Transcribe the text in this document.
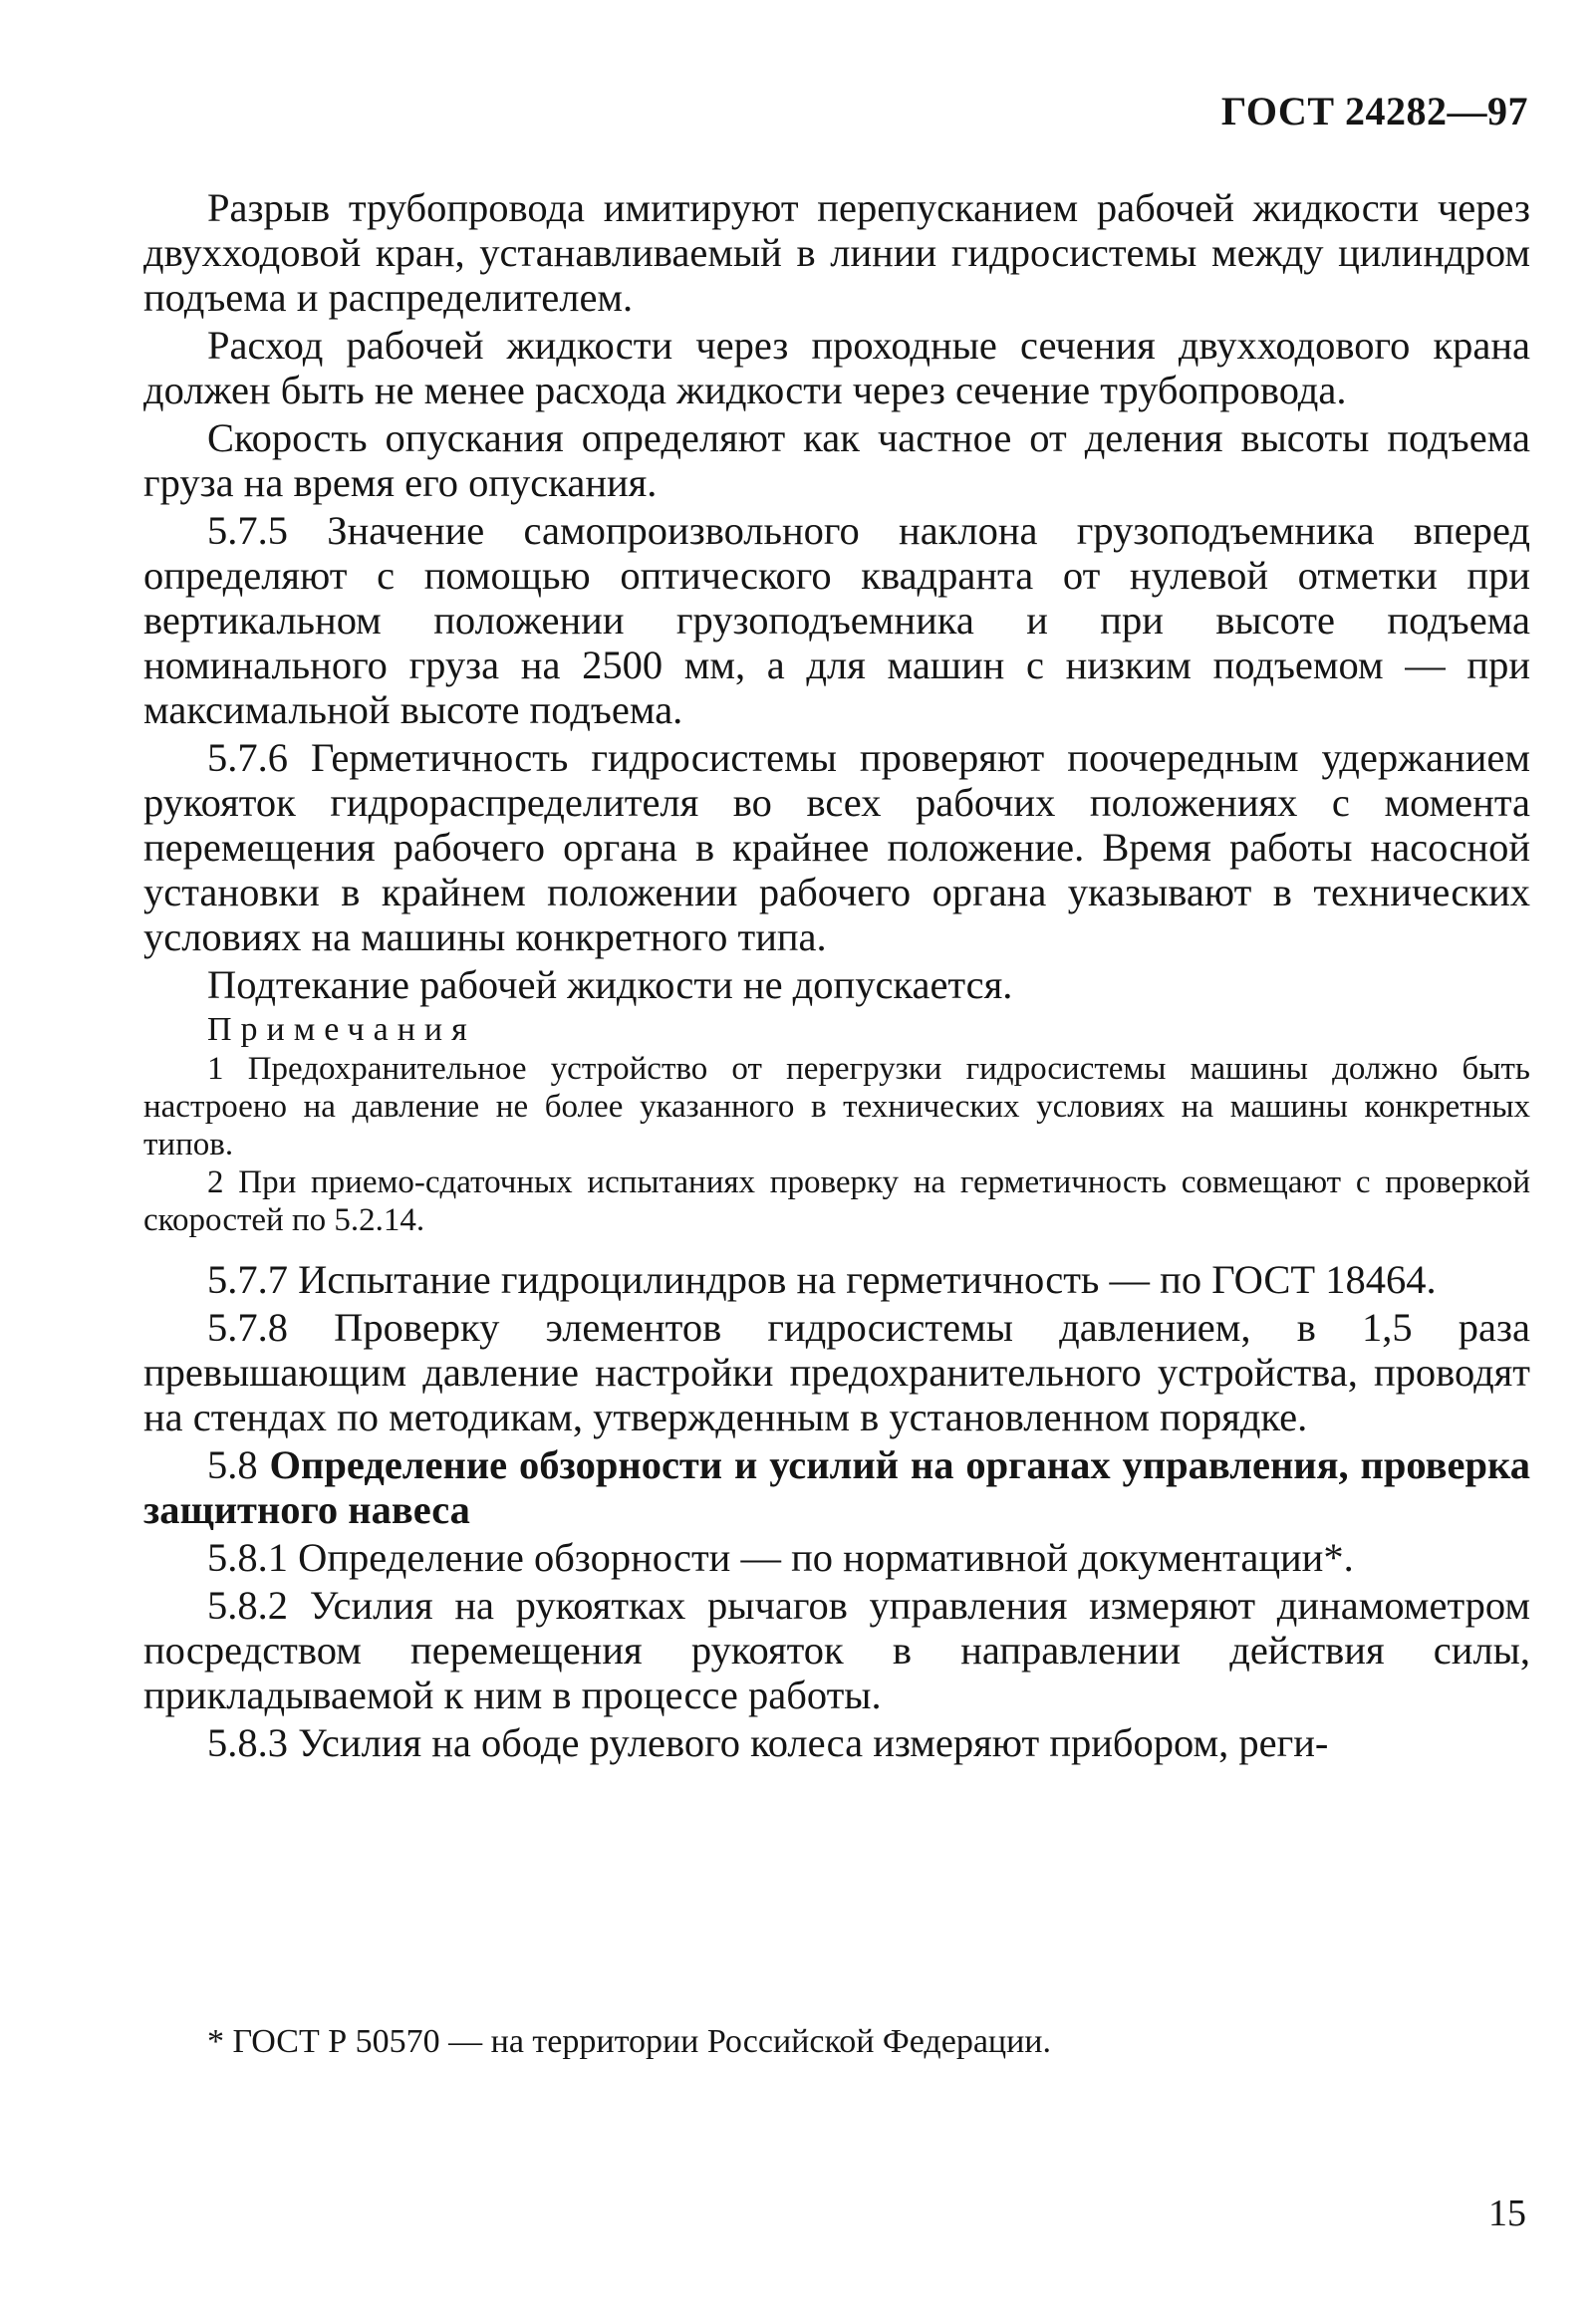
ГОСТ 24282—97

Разрыв трубопровода имитируют перепусканием рабочей жидкости через двухходовой кран, устанавливаемый в линии гидросистемы между цилиндром подъема и распределителем.

Расход рабочей жидкости через проходные сечения двухходового крана должен быть не менее расхода жидкости через сечение трубопровода.

Скорость опускания определяют как частное от деления высоты подъема груза на время его опускания.

5.7.5 Значение самопроизвольного наклона грузоподъемника вперед определяют с помощью оптического квадранта от нулевой отметки при вертикальном положении грузоподъемника и при высоте подъема номинального груза на 2500 мм, а для машин с низким подъемом — при максимальной высоте подъема.

5.7.6 Герметичность гидросистемы проверяют поочередным удержанием рукояток гидрораспределителя во всех рабочих положениях с момента перемещения рабочего органа в крайнее положение. Время работы насосной установки в крайнем положении рабочего органа указывают в технических условиях на машины конкретного типа.

Подтекание рабочей жидкости не допускается.

Примечания

1 Предохранительное устройство от перегрузки гидросистемы машины должно быть настроено на давление не более указанного в технических условиях на машины конкретных типов.

2 При приемо-сдаточных испытаниях проверку на герметичность совмещают с проверкой скоростей по 5.2.14.

5.7.7 Испытание гидроцилиндров на герметичность — по ГОСТ 18464.

5.7.8 Проверку элементов гидросистемы давлением, в 1,5 раза превышающим давление настройки предохранительного устройства, проводят на стендах по методикам, утвержденным в установленном порядке.

5.8 Определение обзорности и усилий на органах управления, проверка защитного навеса

5.8.1 Определение обзорности — по нормативной документации*.

5.8.2 Усилия на рукоятках рычагов управления измеряют динамометром посредством перемещения рукояток в направлении действия силы, прикладываемой к ним в процессе работы.

5.8.3 Усилия на ободе рулевого колеса измеряют прибором, реги-

* ГОСТ Р 50570 — на территории Российской Федерации.
15
